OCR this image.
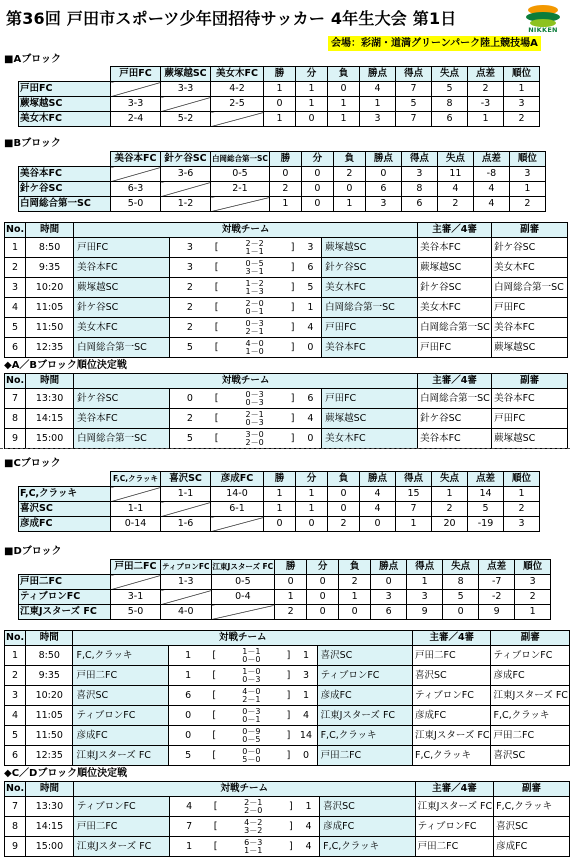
第36回 戸田市スポーツ少年団招待サッカー 4年生大会 第1日
NIKKEN
会場：彩湖・道満グリーンパーク陸上競技場A
■Aブロック
	戸田FC	蕨塚越SC	美女木FC	勝	分	負	勝点	得点	失点	点差	順位
戸田FC		3-3	4-2	1	1	0	4	7	5	2	1
蕨塚越SC	3-3		2-5	0	1	1	1	5	8	-3	3
美女木FC	2-4	5-2		1	0	1	3	7	6	1	2
■Bブロック
	美谷本FC	針ケ谷SC	白岡総合第一SC	勝	分	負	勝点	得点	失点	点差	順位
美谷本FC		3-6	0-5	0	0	2	0	3	11	-8	3
針ケ谷SC	6-3		2-1	2	0	0	6	8	4	4	1
白岡総合第一SC	5-0	1-2		1	0	1	3	6	2	4	2
No.	時間	対戦チーム							主審／4審	副審
1	8:50	戸田FC	3	[	2－2
1－1	]	3	蕨塚越SC	美谷本FC	針ケ谷SC
2	9:35	美谷本FC	3	[	0－5
3－1	]	6	針ケ谷SC	蕨塚越SC	美女木FC
3	10:20	蕨塚越SC	2	[	1－2
1－3	]	5	美女木FC	針ケ谷SC	白岡総合第一SC
4	11:05	針ケ谷SC	2	[	2－0
0－1	]	1	白岡総合第一SC	美女木FC	戸田FC
5	11:50	美女木FC	2	[	0－3
2－1	]	4	戸田FC	白岡総合第一SC	美谷本FC
6	12:35	白岡総合第一SC	5	[	4－0
1－0	]	0	美谷本FC	戸田FC	蕨塚越SC
◆A／Bブロック順位決定戦
No.	時間	対戦チーム							主審／4審	副審
7	13:30	針ケ谷SC	0	[	0－3
0－3	]	6	戸田FC	白岡総合第一SC	美谷本FC
8	14:15	美谷本FC	2	[	2－1
0－3	]	4	蕨塚越SC	針ケ谷SC	戸田FC
9	15:00	白岡総合第一SC	5	[	3－0
2－0	]	0	美女木FC	美谷本FC	蕨塚越SC
■Cブロック
	F,C,クラッキ	喜沢SC	彦成FC	勝	分	負	勝点	得点	失点	点差	順位
F,C,クラッキ		1-1	14-0	1	1	0	4	15	1	14	1
喜沢SC	1-1		6-1	1	1	0	4	7	2	5	2
彦成FC	0-14	1-6		0	0	2	0	1	20	-19	3
■Dブロック
	戸田二FC	ティブロンFC	江東Jスターズ FC	勝	分	負	勝点	得点	失点	点差	順位
戸田二FC		1-3	0-5	0	0	2	0	1	8	-7	3
ティブロンFC	3-1		0-4	1	0	1	3	3	5	-2	2
江東Jスターズ FC	5-0	4-0		2	0	0	6	9	0	9	1
No.	時間	対戦チーム							主審／4審	副審
1	8:50	F,C,クラッキ	1	[	1－1
0－0	]	1	喜沢SC	戸田二FC	ティブロンFC
2	9:35	戸田二FC	1	[	1－0
0－3	]	3	ティブロンFC	喜沢SC	彦成FC
3	10:20	喜沢SC	6	[	4－0
2－1	]	1	彦成FC	ティブロンFC	江東Jスターズ FC
4	11:05	ティブロンFC	0	[	0－3
0－1	]	4	江東Jスターズ FC	彦成FC	F,C,クラッキ
5	11:50	彦成FC	0	[	0－9
0－5	]	14	F,C,クラッキ	江東Jスターズ FC	戸田二FC
6	12:35	江東Jスターズ FC	5	[	0－0
5－0	]	0	戸田二FC	F,C,クラッキ	喜沢SC
◆C／Dブロック順位決定戦
No.	時間	対戦チーム							主審／4審	副審
7	13:30	ティブロンFC	4	[	2－1
2－0	]	1	喜沢SC	江東Jスターズ FC	F,C,クラッキ
8	14:15	戸田二FC	7	[	4－2
3－2	]	4	彦成FC	ティブロンFC	喜沢SC
9	15:00	江東Jスターズ FC	1	[	6－3
1－1	]	4	F,C,クラッキ	戸田二FC	彦成FC
